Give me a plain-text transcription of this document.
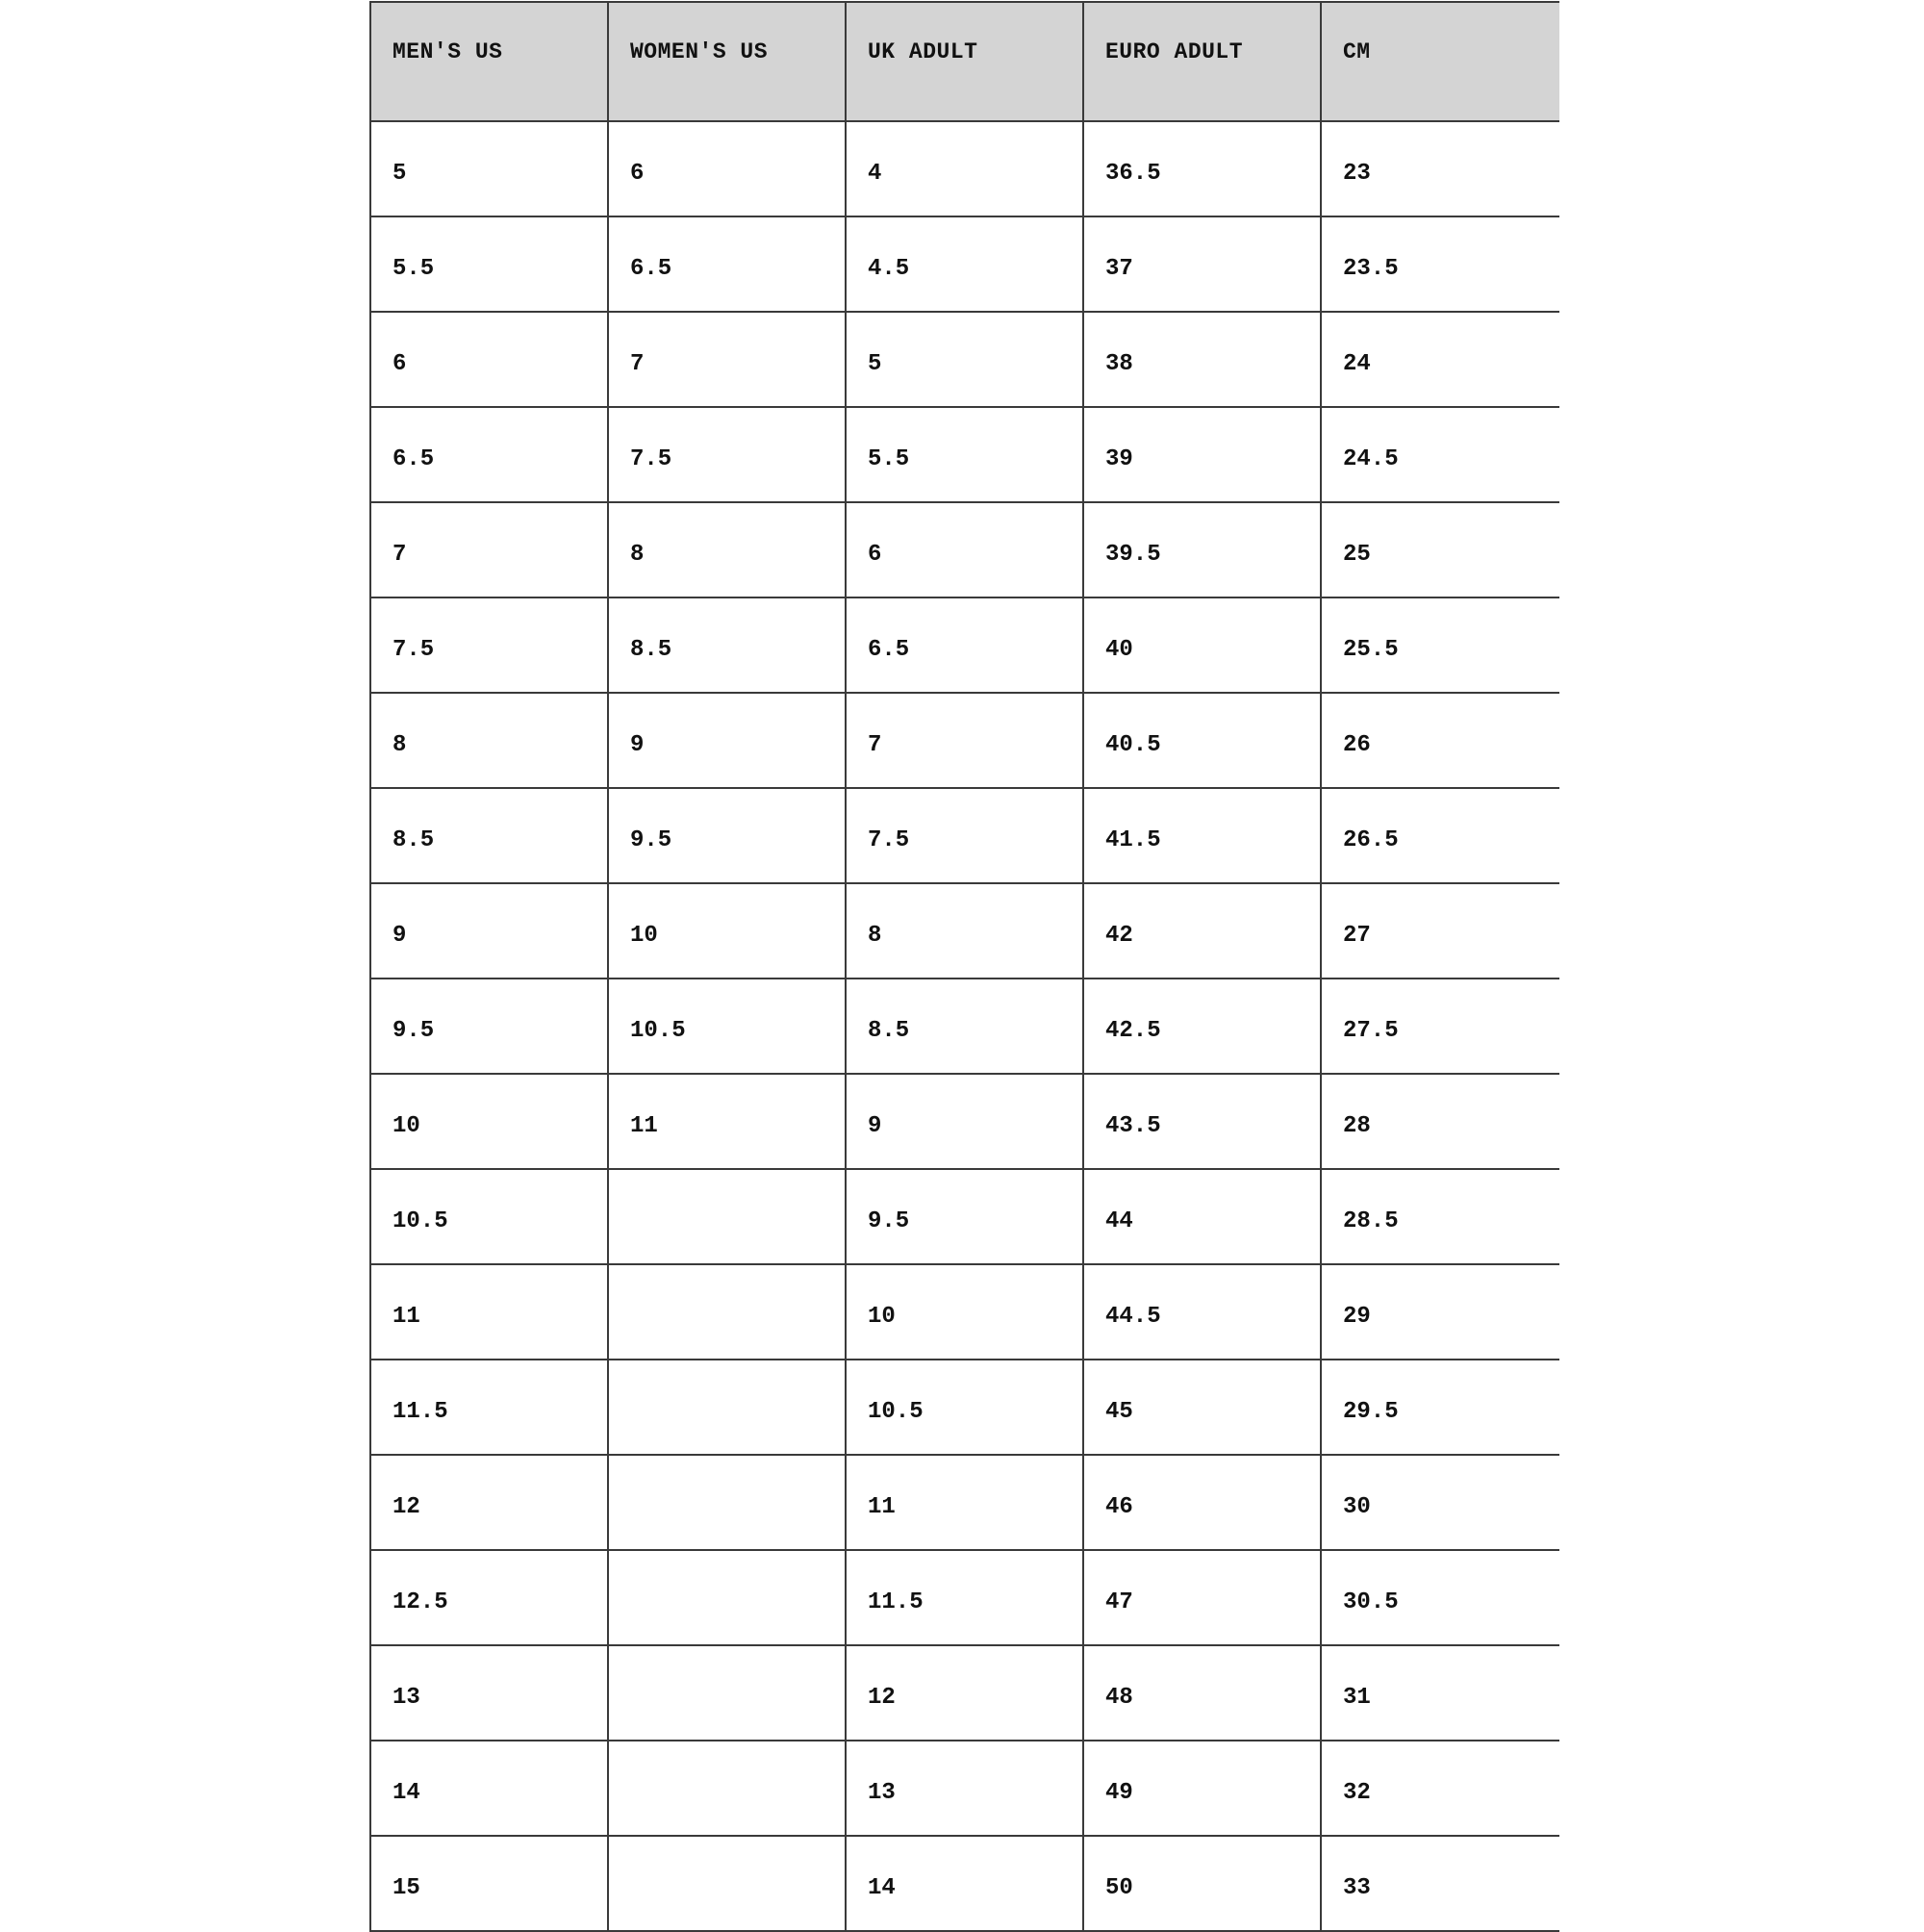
MEN'S US	WOMEN'S US	UK ADULT	EURO ADULT	CM
5	6	4	36.5	23
5.5	6.5	4.5	37	23.5
6	7	5	38	24
6.5	7.5	5.5	39	24.5
7	8	6	39.5	25
7.5	8.5	6.5	40	25.5
8	9	7	40.5	26
8.5	9.5	7.5	41.5	26.5
9	10	8	42	27
9.5	10.5	8.5	42.5	27.5
10	11	9	43.5	28
10.5		9.5	44	28.5
11		10	44.5	29
11.5		10.5	45	29.5
12		11	46	30
12.5		11.5	47	30.5
13		12	48	31
14		13	49	32
15		14	50	33
